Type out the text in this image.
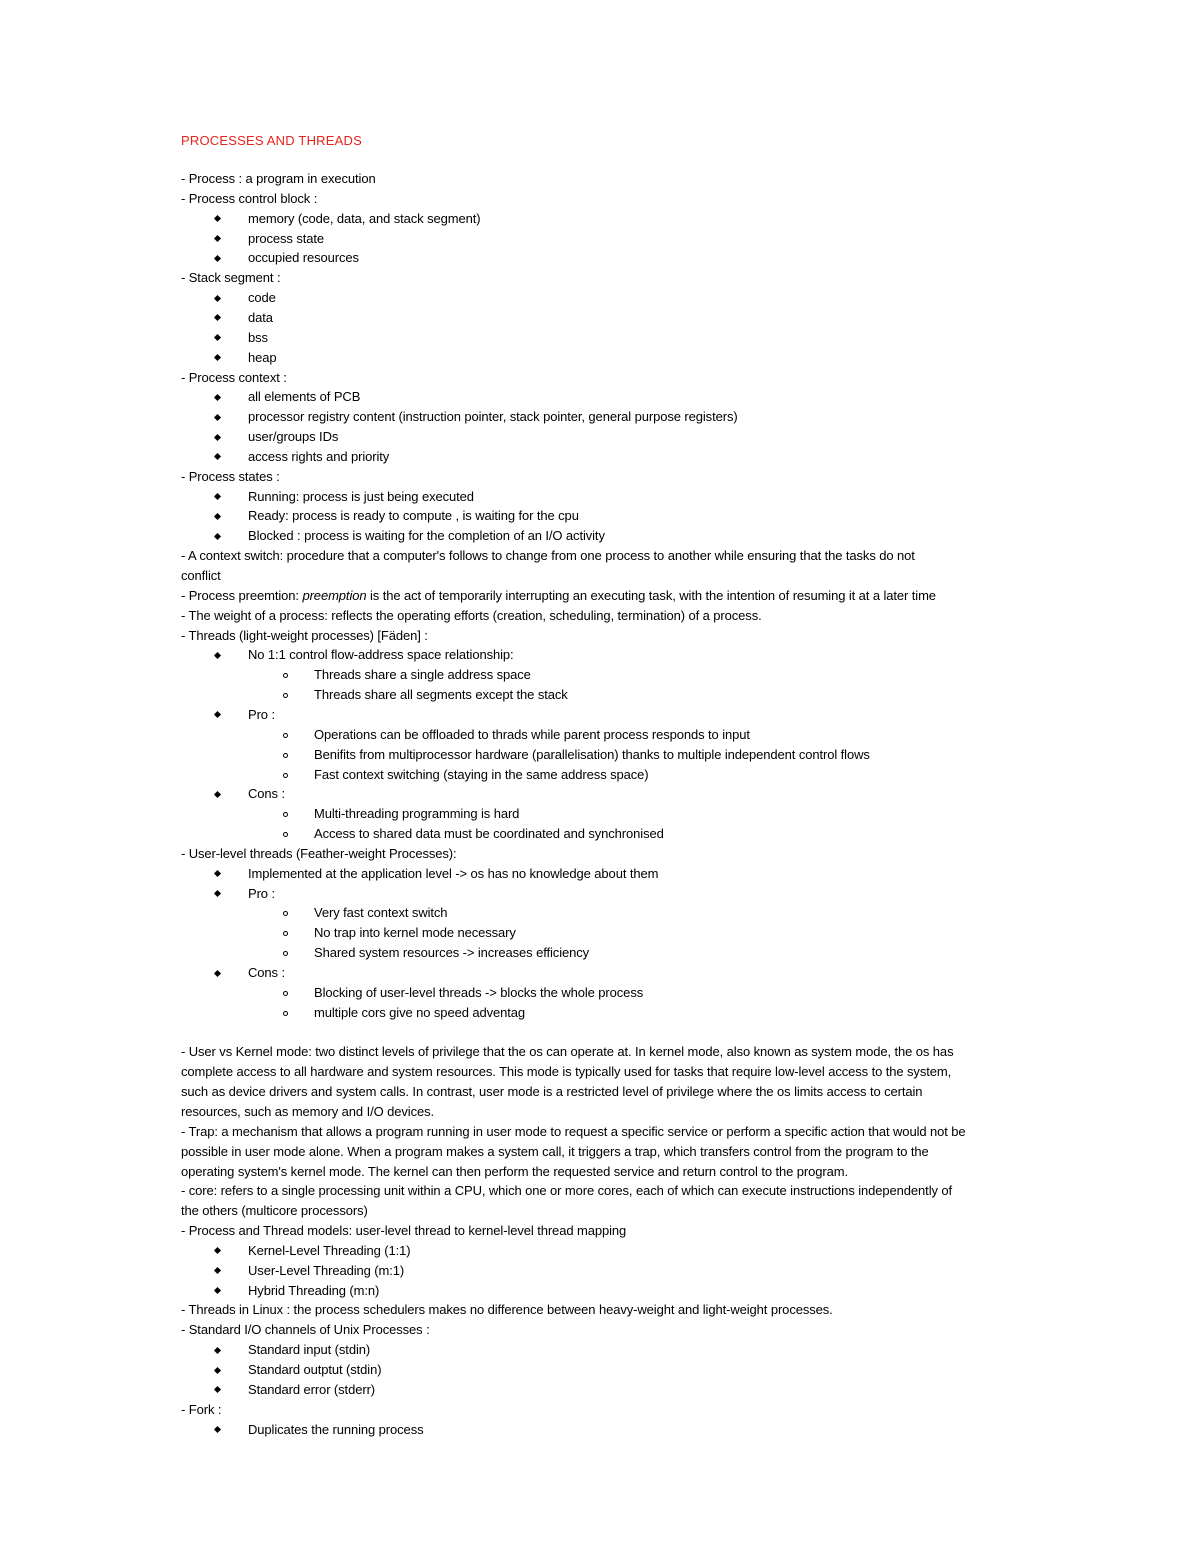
PROCESSES AND THREADS
- Process : a program in execution
- Process control block :
memory (code, data, and stack segment)
process state
occupied resources
- Stack segment :
code
data
bss
heap
- Process context :
all elements of PCB
processor registry content (instruction pointer, stack pointer, general purpose registers)
user/groups IDs
access rights and priority
- Process states :
Running: process is just being executed
Ready: process is ready to compute , is waiting for the cpu
Blocked : process is waiting for the completion of an I/O activity
- A context switch: procedure that a computer's follows to change from one process to another while ensuring that the tasks do not
conflict
- Process preemtion: preemption is the act of temporarily interrupting an executing task, with the intention of resuming it at a later time
- The weight of a process: reflects the operating efforts (creation, scheduling, termination) of a process.
- Threads (light-weight processes) [Fäden] :
No 1:1 control flow-address space relationship:
Threads share a single address space
Threads share all segments except the stack
Pro :
Operations can be offloaded to thrads while parent process responds to input
Benifits from multiprocessor hardware (parallelisation) thanks to multiple independent control flows
Fast context switching (staying in the same address space)
Cons :
Multi-threading programming is hard
Access to shared data must be coordinated and synchronised
- User-level threads (Feather-weight Processes):
Implemented at the application level -> os has no knowledge about them
Pro :
Very fast context switch
No trap into kernel mode necessary
Shared system resources -> increases efficiency
Cons :
Blocking of user-level threads -> blocks the whole process
multiple cors give no speed adventag
- User vs Kernel mode: two distinct levels of privilege that the os can operate at. In kernel mode, also known as system mode, the os has
complete access to all hardware and system resources. This mode is typically used for tasks that require low-level access to the system,
such as device drivers and system calls. In contrast, user mode is a restricted level of privilege where the os limits access to certain
resources, such as memory and I/O devices.
- Trap: a mechanism that allows a program running in user mode to request a specific service or perform a specific action that would not be
possible in user mode alone. When a program makes a system call, it triggers a trap, which transfers control from the program to the
operating system's kernel mode. The kernel can then perform the requested service and return control to the program.
- core: refers to a single processing unit within a CPU, which one or more cores, each of which can execute instructions independently of
the others (multicore processors)
- Process and Thread models: user-level thread to kernel-level thread mapping
Kernel-Level Threading (1:1)
User-Level Threading (m:1)
Hybrid Threading (m:n)
- Threads in Linux : the process schedulers makes no difference between heavy-weight and light-weight processes.
- Standard I/O channels of Unix Processes :
Standard input (stdin)
Standard outptut (stdin)
Standard error (stderr)
- Fork :
Duplicates the running process
